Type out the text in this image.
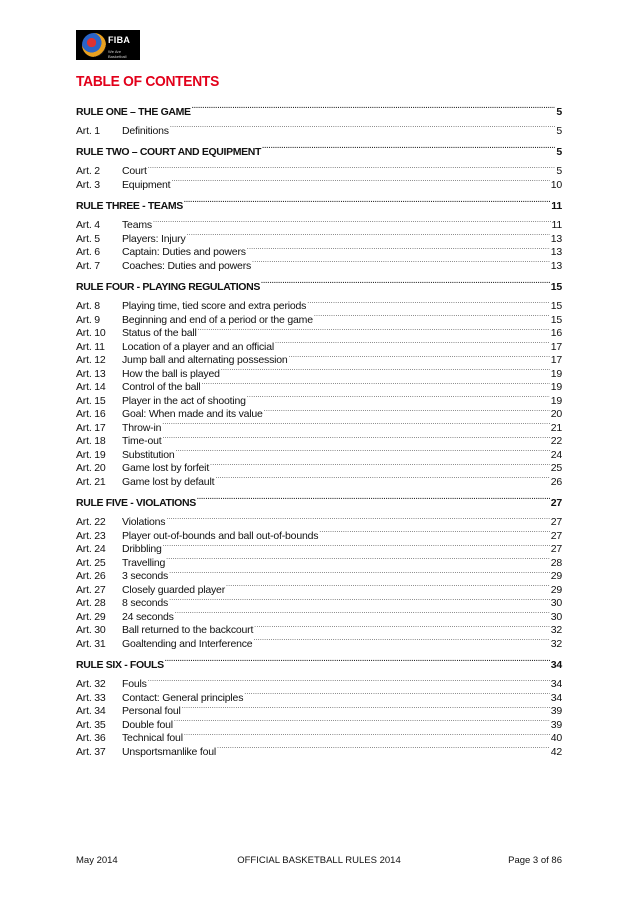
FIBA
We Are Basketball
TABLE OF CONTENTS
RULE ONE – THE GAME .....	5
Art. 1	Definitions .....	5
RULE TWO – COURT AND EQUIPMENT .....	5
Art. 2	Court .....	5
Art. 3	Equipment .....	10
RULE THREE - TEAMS .....	11
Art. 4	Teams .....	11
Art. 5	Players: Injury .....	13
Art. 6	Captain: Duties and powers .....	13
Art. 7	Coaches: Duties and powers .....	13
RULE FOUR - PLAYING REGULATIONS .....	15
Art. 8	Playing time, tied score and extra periods .....	15
Art. 9	Beginning and end of a period or the game .....	15
Art. 10	Status of the ball .....	16
Art. 11	Location of a player and an official .....	17
Art. 12	Jump ball and alternating possession .....	17
Art. 13	How the ball is played .....	19
Art. 14	Control of the ball .....	19
Art. 15	Player in the act of shooting .....	19
Art. 16	Goal: When made and its value .....	20
Art. 17	Throw-in .....	21
Art. 18	Time-out .....	22
Art. 19	Substitution .....	24
Art. 20	Game lost by forfeit .....	25
Art. 21	Game lost by default .....	26
RULE FIVE - VIOLATIONS .....	27
Art. 22	Violations .....	27
Art. 23	Player out-of-bounds and ball out-of-bounds .....	27
Art. 24	Dribbling .....	27
Art. 25	Travelling .....	28
Art. 26	3 seconds .....	29
Art. 27	Closely guarded player .....	29
Art. 28	8 seconds .....	30
Art. 29	24 seconds .....	30
Art. 30	Ball returned to the backcourt .....	32
Art. 31	Goaltending and Interference .....	32
RULE SIX - FOULS .....	34
Art. 32	Fouls .....	34
Art. 33	Contact: General principles .....	34
Art. 34	Personal foul .....	39
Art. 35	Double foul .....	39
Art. 36	Technical foul .....	40
Art. 37	Unsportsmanlike foul .....	42
May 2014	OFFICIAL BASKETBALL RULES 2014	Page 3 of 86
